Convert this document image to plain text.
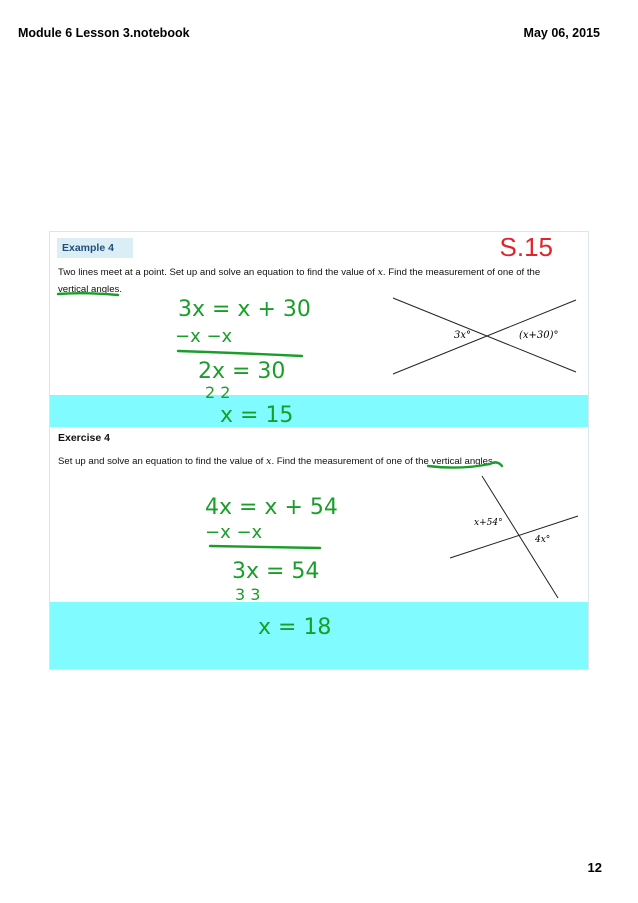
Module 6 Lesson 3.notebook	May 06, 2015
Example 4	S.15
Two lines meet at a point. Set up and solve an equation to find the value of x. Find the measurement of one of the vertical angles.
3x°	(x+30)°
Exercise 4
Set up and solve an equation to find the value of x. Find the measurement of one of the vertical angles.
x+54°
4x°
3x = x + 30
−x −x
2x = 30
2 2
x = 15
4x = x + 54
−x −x
3x = 54
3 3
x = 18
12
